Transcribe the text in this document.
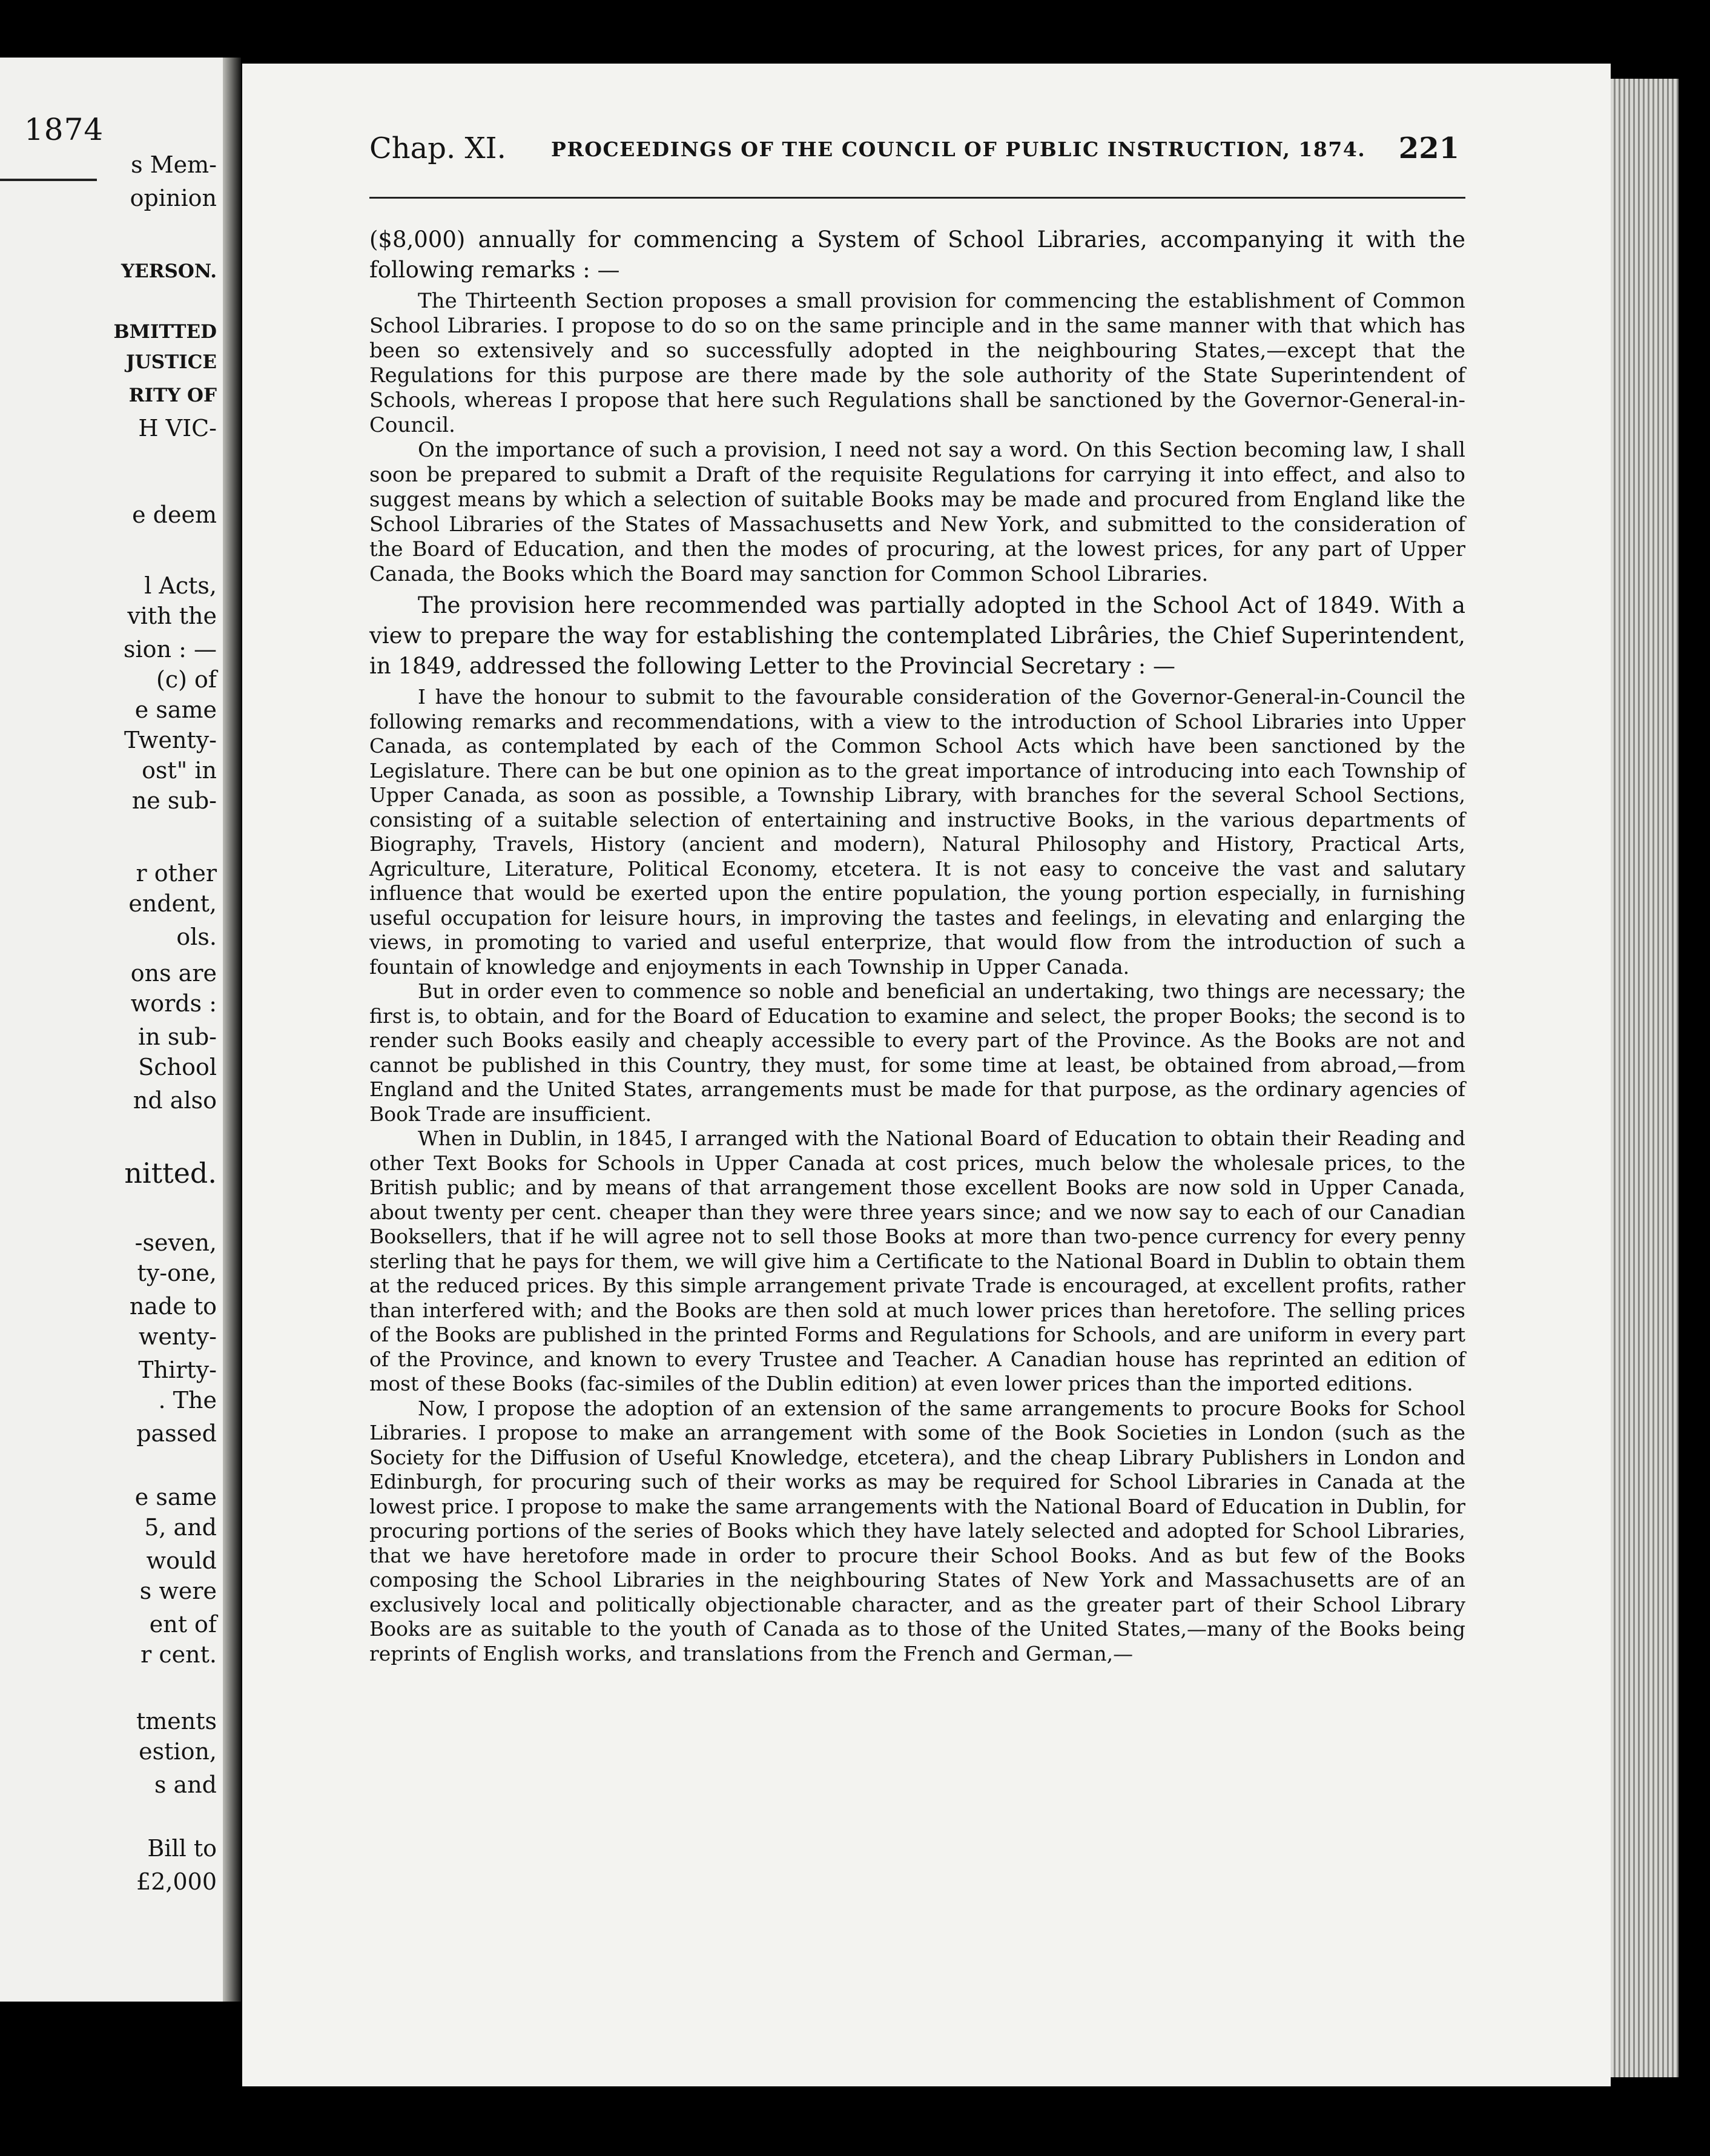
1874
s Mem-
opinion
YERSON.
BMITTED
JUSTICE
RITY OF
H VIC-
e deem
l Acts,
vith the
sion : —
(c) of
e same
Twenty-
ost" in
ne sub-
r other
endent,
ols.
ons are
words :
in sub-
School
nd also
nitted.
-seven,
ty-one,
nade to
wenty-
Thirty-
. The
passed
e same
5, and
would
s were
ent of
r cent.
tments
estion,
s and
Bill to
£2,000
Chap. XI. PROCEEDINGS OF THE COUNCIL OF PUBLIC INSTRUCTION, 1874. 221

($8,000) annually for commencing a System of School Libraries, accompanying it with the following remarks : —

The Thirteenth Section proposes a small provision for commencing the establishment of Common School Libraries. I propose to do so on the same principle and in the same manner with that which has been so extensively and so successfully adopted in the neighbouring States,—except that the Regulations for this purpose are there made by the sole authority of the State Superintendent of Schools, whereas I propose that here such Regulations shall be sanctioned by the Governor-General-in-Council.

On the importance of such a provision, I need not say a word. On this Section becoming law, I shall soon be prepared to submit a Draft of the requisite Regulations for carrying it into effect, and also to suggest means by which a selection of suitable Books may be made and procured from England like the School Libraries of the States of Massachusetts and New York, and submitted to the consideration of the Board of Education, and then the modes of procuring, at the lowest prices, for any part of Upper Canada, the Books which the Board may sanction for Common School Libraries.

The provision here recommended was partially adopted in the School Act of 1849. With a view to prepare the way for establishing the contemplated Librâries, the Chief Superintendent, in 1849, addressed the following Letter to the Provincial Secretary : —

I have the honour to submit to the favourable consideration of the Governor-General-in-Council the following remarks and recommendations, with a view to the introduction of School Libraries into Upper Canada, as contemplated by each of the Common School Acts which have been sanctioned by the Legislature. There can be but one opinion as to the great importance of introducing into each Township of Upper Canada, as soon as possible, a Township Library, with branches for the several School Sections, consisting of a suitable selection of entertaining and instructive Books, in the various departments of Biography, Travels, History (ancient and modern), Natural Philosophy and History, Practical Arts, Agriculture, Literature, Political Economy, etcetera. It is not easy to conceive the vast and salutary influence that would be exerted upon the entire population, the young portion especially, in furnishing useful occupation for leisure hours, in improving the tastes and feelings, in elevating and enlarging the views, in promoting to varied and useful enterprize, that would flow from the introduction of such a fountain of knowledge and enjoyments in each Township in Upper Canada.

But in order even to commence so noble and beneficial an undertaking, two things are necessary; the first is, to obtain, and for the Board of Education to examine and select, the proper Books; the second is to render such Books easily and cheaply accessible to every part of the Province. As the Books are not and cannot be published in this Country, they must, for some time at least, be obtained from abroad,—from England and the United States, arrangements must be made for that purpose, as the ordinary agencies of Book Trade are insufficient.

When in Dublin, in 1845, I arranged with the National Board of Education to obtain their Reading and other Text Books for Schools in Upper Canada at cost prices, much below the wholesale prices, to the British public; and by means of that arrangement those excellent Books are now sold in Upper Canada, about twenty per cent. cheaper than they were three years since; and we now say to each of our Canadian Booksellers, that if he will agree not to sell those Books at more than two-pence currency for every penny sterling that he pays for them, we will give him a Certificate to the National Board in Dublin to obtain them at the reduced prices. By this simple arrangement private Trade is encouraged, at excellent profits, rather than interfered with; and the Books are then sold at much lower prices than heretofore. The selling prices of the Books are published in the printed Forms and Regulations for Schools, and are uniform in every part of the Province, and known to every Trustee and Teacher. A Canadian house has reprinted an edition of most of these Books (fac-similes of the Dublin edition) at even lower prices than the imported editions.

Now, I propose the adoption of an extension of the same arrangements to procure Books for School Libraries. I propose to make an arrangement with some of the Book Societies in London (such as the Society for the Diffusion of Useful Knowledge, etcetera), and the cheap Library Publishers in London and Edinburgh, for procuring such of their works as may be required for School Libraries in Canada at the lowest price. I propose to make the same arrangements with the National Board of Education in Dublin, for procuring portions of the series of Books which they have lately selected and adopted for School Libraries, that we have heretofore made in order to procure their School Books. And as but few of the Books composing the School Libraries in the neighbouring States of New York and Massachusetts are of an exclusively local and politically objectionable character, and as the greater part of their School Library Books are as suitable to the youth of Canada as to those of the United States,—many of the Books being reprints of English works, and translations from the French and German,—
